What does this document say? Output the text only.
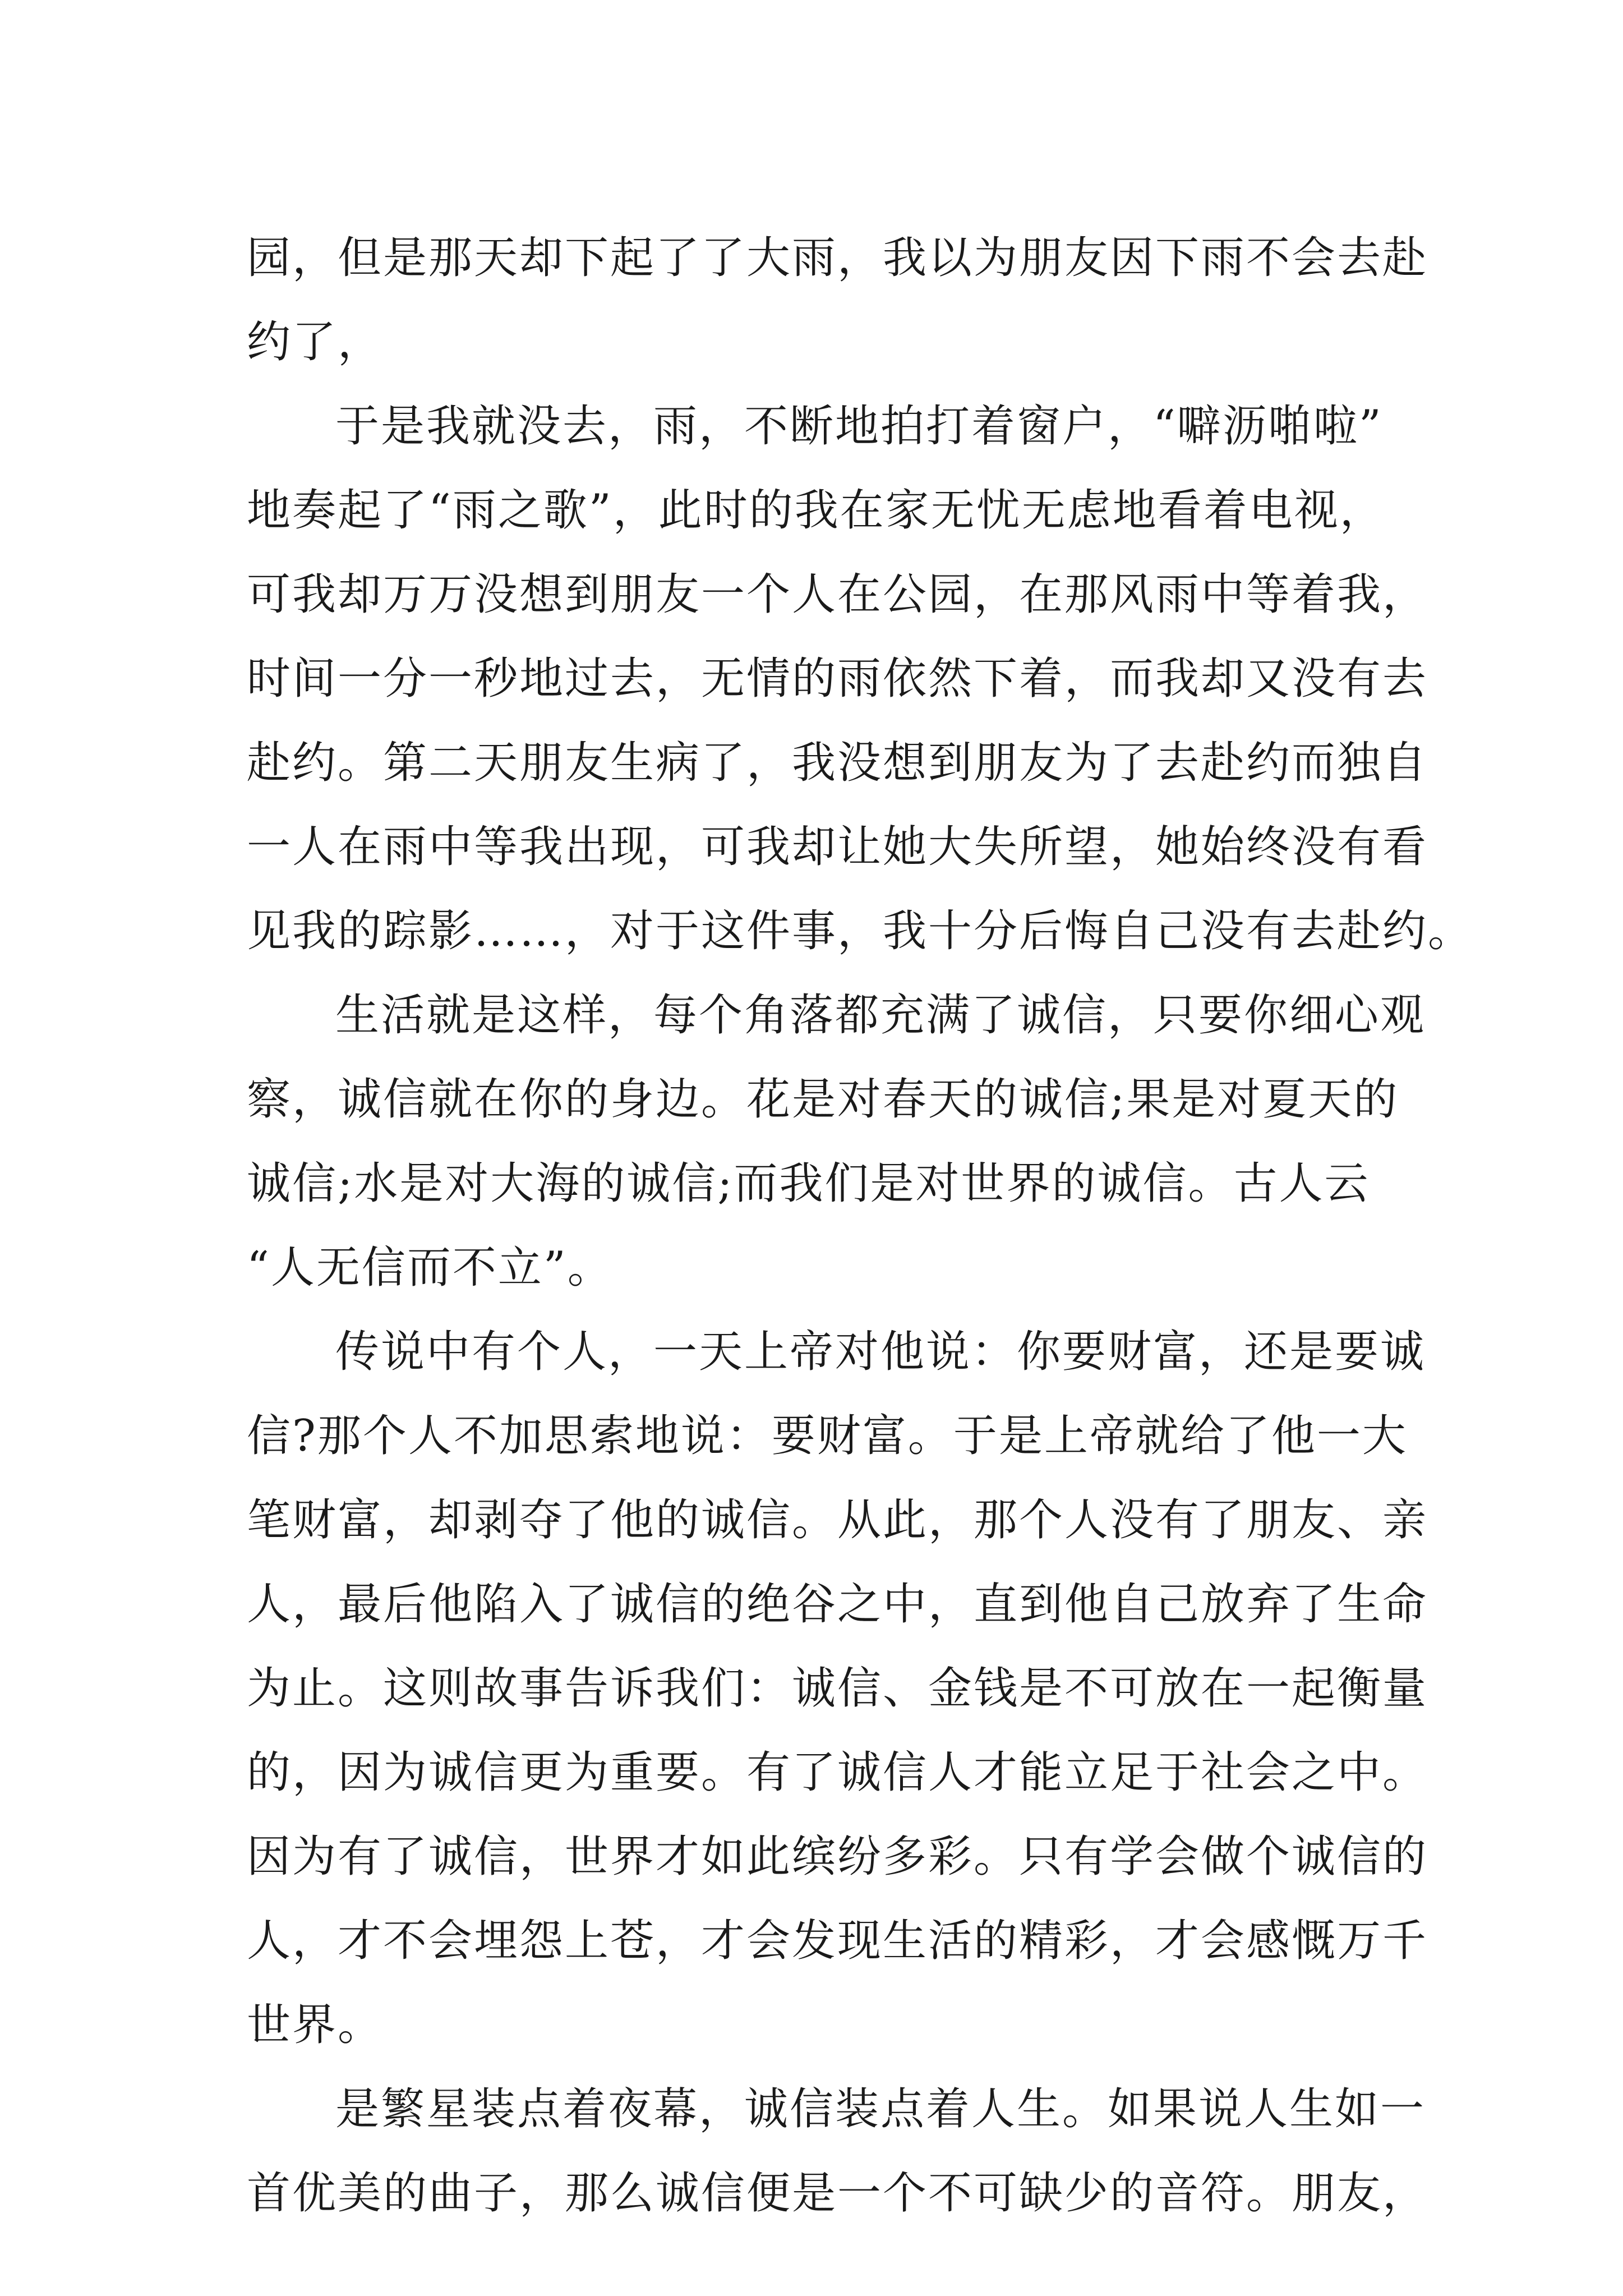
园，但是那天却下起了了大雨，我以为朋友因下雨不会去赴
约了，
于是我就没去，雨，不断地拍打着窗户，“噼沥啪啦”
地奏起了“雨之歌”，此时的我在家无忧无虑地看着电视，
可我却万万没想到朋友一个人在公园，在那风雨中等着我，
时间一分一秒地过去，无情的雨依然下着，而我却又没有去
赴约。第二天朋友生病了，我没想到朋友为了去赴约而独自
一人在雨中等我出现，可我却让她大失所望，她始终没有看
见我的踪影……，对于这件事，我十分后悔自己没有去赴约。
生活就是这样，每个角落都充满了诚信，只要你细心观
察，诚信就在你的身边。花是对春天的诚信;果是对夏天的
诚信;水是对大海的诚信;而我们是对世界的诚信。古人云
“人无信而不立”。
传说中有个人，一天上帝对他说：你要财富，还是要诚
信?那个人不加思索地说：要财富。于是上帝就给了他一大
笔财富，却剥夺了他的诚信。从此，那个人没有了朋友、亲
人，最后他陷入了诚信的绝谷之中，直到他自己放弃了生命
为止。这则故事告诉我们：诚信、金钱是不可放在一起衡量
的，因为诚信更为重要。有了诚信人才能立足于社会之中。
因为有了诚信，世界才如此缤纷多彩。只有学会做个诚信的
人，才不会埋怨上苍，才会发现生活的精彩，才会感慨万千
世界。
是繁星装点着夜幕，诚信装点着人生。如果说人生如一
首优美的曲子，那么诚信便是一个不可缺少的音符。朋友，
